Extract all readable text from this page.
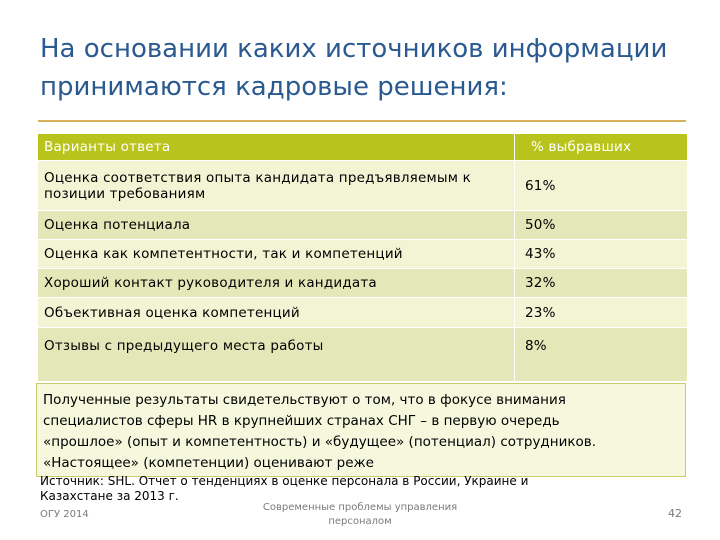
На основании каких источников информации
принимаются кадровые решения:
Варианты ответа	% выбравших

Оценка соответствия опыта кандидата предъявляемым к
позиции требованиям	61%
Оценка потенциала	50%
Оценка как компетентности, так и компетенций	43%
Хороший контакт руководителя и кандидата	32%
Объективная оценка компетенций	23%
Отзывы с предыдущего места работы	8%
Полученные результаты свидетельствуют о том, что в фокусе внимания
специалистов сферы HR в крупнейших странах СНГ – в первую очередь
«прошлое» (опыт и компетентность) и «будущее» (потенциал) сотрудников.
«Настоящее» (компетенции) оценивают реже
Источник: SHL. Отчет о тенденциях в оценке персонала в России, Украине и
Казахстане за 2013 г.
ОГУ 2014
Современные проблемы управления
персоналом
42
